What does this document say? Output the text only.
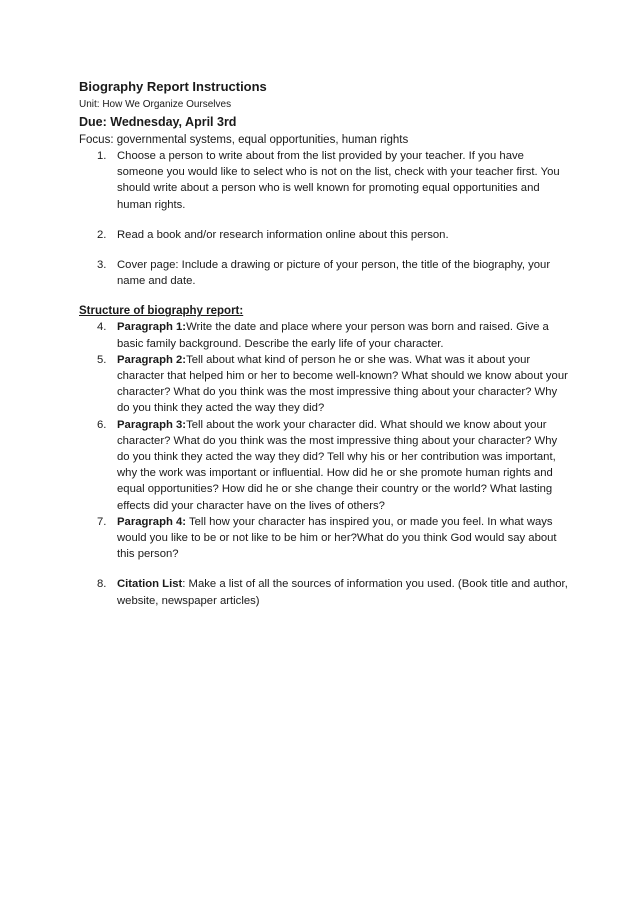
Biography Report Instructions
Unit: How We Organize Ourselves
Due: Wednesday, April 3rd
Focus: governmental systems, equal opportunities, human rights
1. Choose a person to write about from the list provided by your teacher. If you have someone you would like to select who is not on the list, check with your teacher first. You should write about a person who is well known for promoting equal opportunities and human rights.
2. Read a book and/or research information online about this person.
3. Cover page: Include a drawing or picture of your person, the title of the biography, your name and date.
Structure of biography report:
4. Paragraph 1:Write the date and place where your person was born and raised. Give a basic family background. Describe the early life of your character.
5. Paragraph 2:Tell about what kind of person he or she was. What was it about your character that helped him or her to become well-known? What should we know about your character? What do you think was the most impressive thing about your character? Why do you think they acted the way they did?
6. Paragraph 3:Tell about the work your character did. What should we know about your character? What do you think was the most impressive thing about your character? Why do you think they acted the way they did? Tell why his or her contribution was important, why the work was important or influential. How did he or she promote human rights and equal opportunities? How did he or she change their country or the world? What lasting effects did your character have on the lives of others?
7. Paragraph 4: Tell how your character has inspired you, or made you feel. In what ways would you like to be or not like to be him or her?What do you think God would say about this person?
8. Citation List: Make a list of all the sources of information you used. (Book title and author, website, newspaper articles)
